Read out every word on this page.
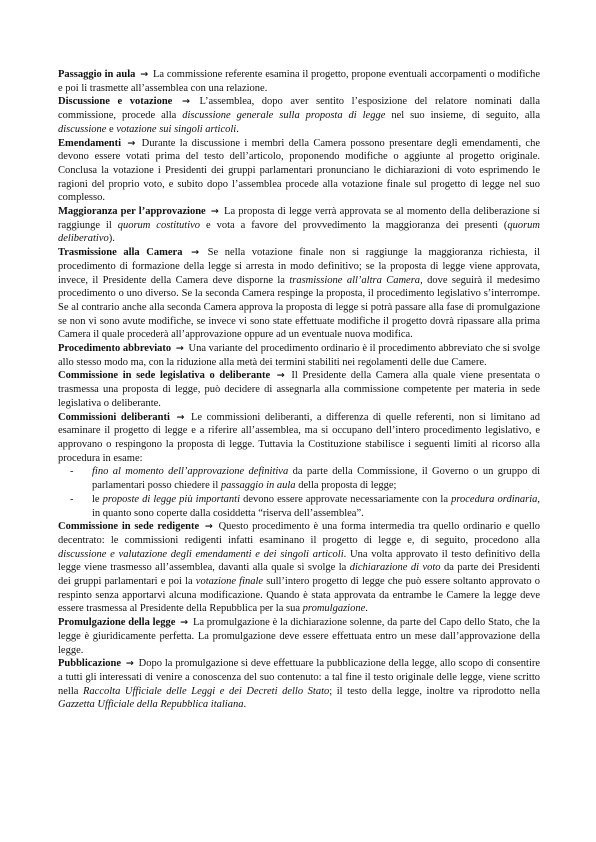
Passaggio in aula → La commissione referente esamina il progetto, propone eventuali accorpamenti o modifiche e poi li trasmette all’assemblea con una relazione.

Discussione e votazione → L’assemblea, dopo aver sentito l’esposizione del relatore nominati dalla commissione, procede alla discussione generale sulla proposta di legge nel suo insieme, di seguito, alla discussione e votazione sui singoli articoli.

Emendamenti → Durante la discussione i membri della Camera possono presentare degli emendamenti, che devono essere votati prima del testo dell’articolo, proponendo modifiche o aggiunte al progetto originale. Conclusa la votazione i Presidenti dei gruppi parlamentari pronunciano le dichiarazioni di voto esprimendo le ragioni del proprio voto, e subito dopo l’assemblea procede alla votazione finale sul progetto di legge nel suo complesso.

Maggioranza per l’approvazione → La proposta di legge verrà approvata se al momento della deliberazione si raggiunge il quorum costitutivo e vota a favore del provvedimento la maggioranza dei presenti (quorum deliberativo).

Trasmissione alla Camera → Se nella votazione finale non si raggiunge la maggioranza richiesta, il procedimento di formazione della legge si arresta in modo definitivo; se la proposta di legge viene approvata, invece, il Presidente della Camera deve disporne la trasmissione all’altra Camera, dove seguirà il medesimo procedimento o uno diverso. Se la seconda Camera respinge la proposta, il procedimento legislativo s’interrompe. Se al contrario anche alla seconda Camera approva la proposta di legge si potrà passare alla fase di promulgazione se non vi sono avute modifiche, se invece vi sono state effettuate modifiche il progetto dovrà ripassare alla prima Camera il quale procederà all’approvazione oppure ad un eventuale nuova modifica.

Procedimento abbreviato → Una variante del procedimento ordinario è il procedimento abbreviato che si svolge allo stesso modo ma, con la riduzione alla metà dei termini stabiliti nei regolamenti delle due Camere.

Commissione in sede legislativa o deliberante → Il Presidente della Camera alla quale viene presentata o trasmessa una proposta di legge, può decidere di assegnarla alla commissione competente per materia in sede legislativa o deliberante.

Commissioni deliberanti → Le commissioni deliberanti, a differenza di quelle referenti, non si limitano ad esaminare il progetto di legge e a riferire all’assemblea, ma si occupano dell’intero procedimento legislativo, e approvano o respingono la proposta di legge. Tuttavia la Costituzione stabilisce i seguenti limiti al ricorso alla procedura in esame:

- fino al momento dell’approvazione definitiva da parte della Commissione, il Governo o un gruppo di parlamentari posso chiedere il passaggio in aula della proposta di legge;
- le proposte di legge più importanti devono essere approvate necessariamente con la procedura ordinaria, in quanto sono coperte dalla cosiddetta “riserva dell’assemblea”.

Commissione in sede redigente → Questo procedimento è una forma intermedia tra quello ordinario e quello decentrato: le commissioni redigenti infatti esaminano il progetto di legge e, di seguito, procedono alla discussione e valutazione degli emendamenti e dei singoli articoli. Una volta approvato il testo definitivo della legge viene trasmesso all’assemblea, davanti alla quale si svolge la dichiarazione di voto da parte dei Presidenti dei gruppi parlamentari e poi la votazione finale sull’intero progetto di legge che può essere soltanto approvato o respinto senza apportarvi alcuna modificazione. Quando è stata approvata da entrambe le Camere la legge deve essere trasmessa al Presidente della Repubblica per la sua promulgazione.

Promulgazione della legge → La promulgazione è la dichiarazione solenne, da parte del Capo dello Stato, che la legge è giuridicamente perfetta. La promulgazione deve essere effettuata entro un mese dall’approvazione della legge.

Pubblicazione → Dopo la promulgazione si deve effettuare la pubblicazione della legge, allo scopo di consentire a tutti gli interessati di venire a conoscenza del suo contenuto: a tal fine il testo originale delle legge, viene scritto nella Raccolta Ufficiale delle Leggi e dei Decreti dello Stato; il testo della legge, inoltre va riprodotto nella Gazzetta Ufficiale della Repubblica italiana.
